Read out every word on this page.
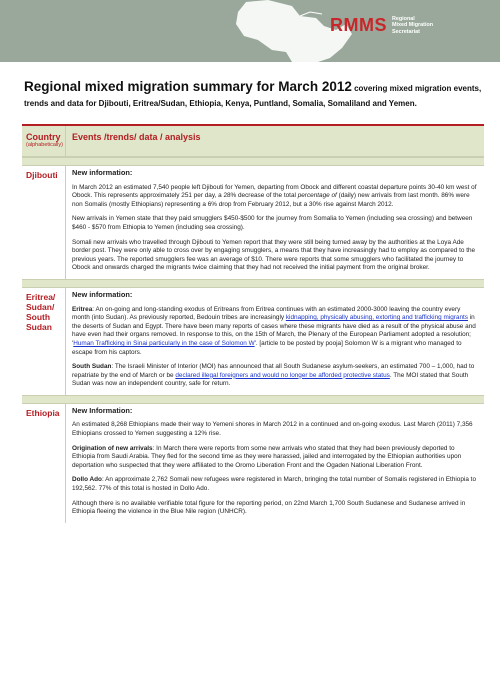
RMMS Regional
Mixed Migration
Secretariat
Regional mixed migration summary for March 2012 covering mixed migration events, trends and data for Djibouti, Eritrea/Sudan, Ethiopia, Kenya, Puntland, Somalia, Somaliland and Yemen.
Country
(alphabetically)
Events /trends/ data / analysis
Djibouti	New information:

In March 2012 an estimated 7,540 people left Djibouti for Yemen, departing from Obock and different coastal departure points 30-40 km west of Obock. This represents approximately 251 per day, a 28% decrease of the total percentage of (daily) new arrivals from last month. 86% were non Somalis (mostly Ethiopians) representing a 6% drop from February 2012, but a 30% rise against March 2012.

New arrivals in Yemen state that they paid smugglers $450-$500 for the journey from Somalia to Yemen (including sea crossing) and between $460 - $570 from Ethiopia to Yemen (including sea crossing).

Somali new arrivals who travelled through Djibouti to Yemen report that they were still being turned away by the authorities at the Loya Ade border post. They were only able to cross over by engaging smugglers, a means that they have increasingly had to employ as compared to the previous years. The reported smugglers fee was an average of $10. There were reports that some smugglers who facilitated the journey to Obock and onwards charged the migrants twice claiming that they had not received the initial payment from the original broker.

Eritrea/ Sudan/ South Sudan
New information:

Eritrea: An on-going and long-standing exodus of Eritreans from Eritrea continues with an estimated 2000-3000 leaving the country every month (into Sudan). As previously reported, Bedouin tribes are increasingly kidnapping, physically abusing, extorting and trafficking migrants in the deserts of Sudan and Egypt. There have been many reports of cases where these migrants have died as a result of the physical abuse and have even had their organs removed. In response to this, on the 15th of March, the Plenary of the European Parliament adopted a resolution; 'Human Trafficking in Sinai particularly in the case of Solomon W'. [article to be posted by pooja] Solomon W is a migrant who managed to escape from his captors.

South Sudan: The Israeli Minister of Interior (MOI) has announced that all South Sudanese asylum-seekers, an estimated 700 – 1,000, had to repatriate by the end of March or be declared illegal foreigners and would no longer be afforded protective status. The MOI stated that South Sudan was now an independent country, safe for return.

Ethiopia	New Information:

An estimated 8,268 Ethiopians made their way to Yemeni shores in March 2012 in a continued and on-going exodus. Last March (2011) 7,356 Ethiopians crossed to Yemen suggesting a 12% rise.

Origination of new arrivals: In March there were reports from some new arrivals who stated that they had been previously deported to Ethiopia from Saudi Arabia. They fled for the second time as they were harassed, jailed and interrogated by the Ethiopian authorities upon deportation who suspected that they were affiliated to the Oromo Liberation Front and the Ogaden National Liberation Front.

Dollo Ado: An approximate 2,762 Somali new refugees were registered in March, bringing the total number of Somalis registered in Ethiopia to 192,562. 77% of this total is hosted in Dollo Ado.

Although there is no available verifiable total figure for the reporting period, on 22nd March 1,700 South Sudanese and Sudanese arrived in Ethiopia fleeing the violence in the Blue Nile region (UNHCR).
